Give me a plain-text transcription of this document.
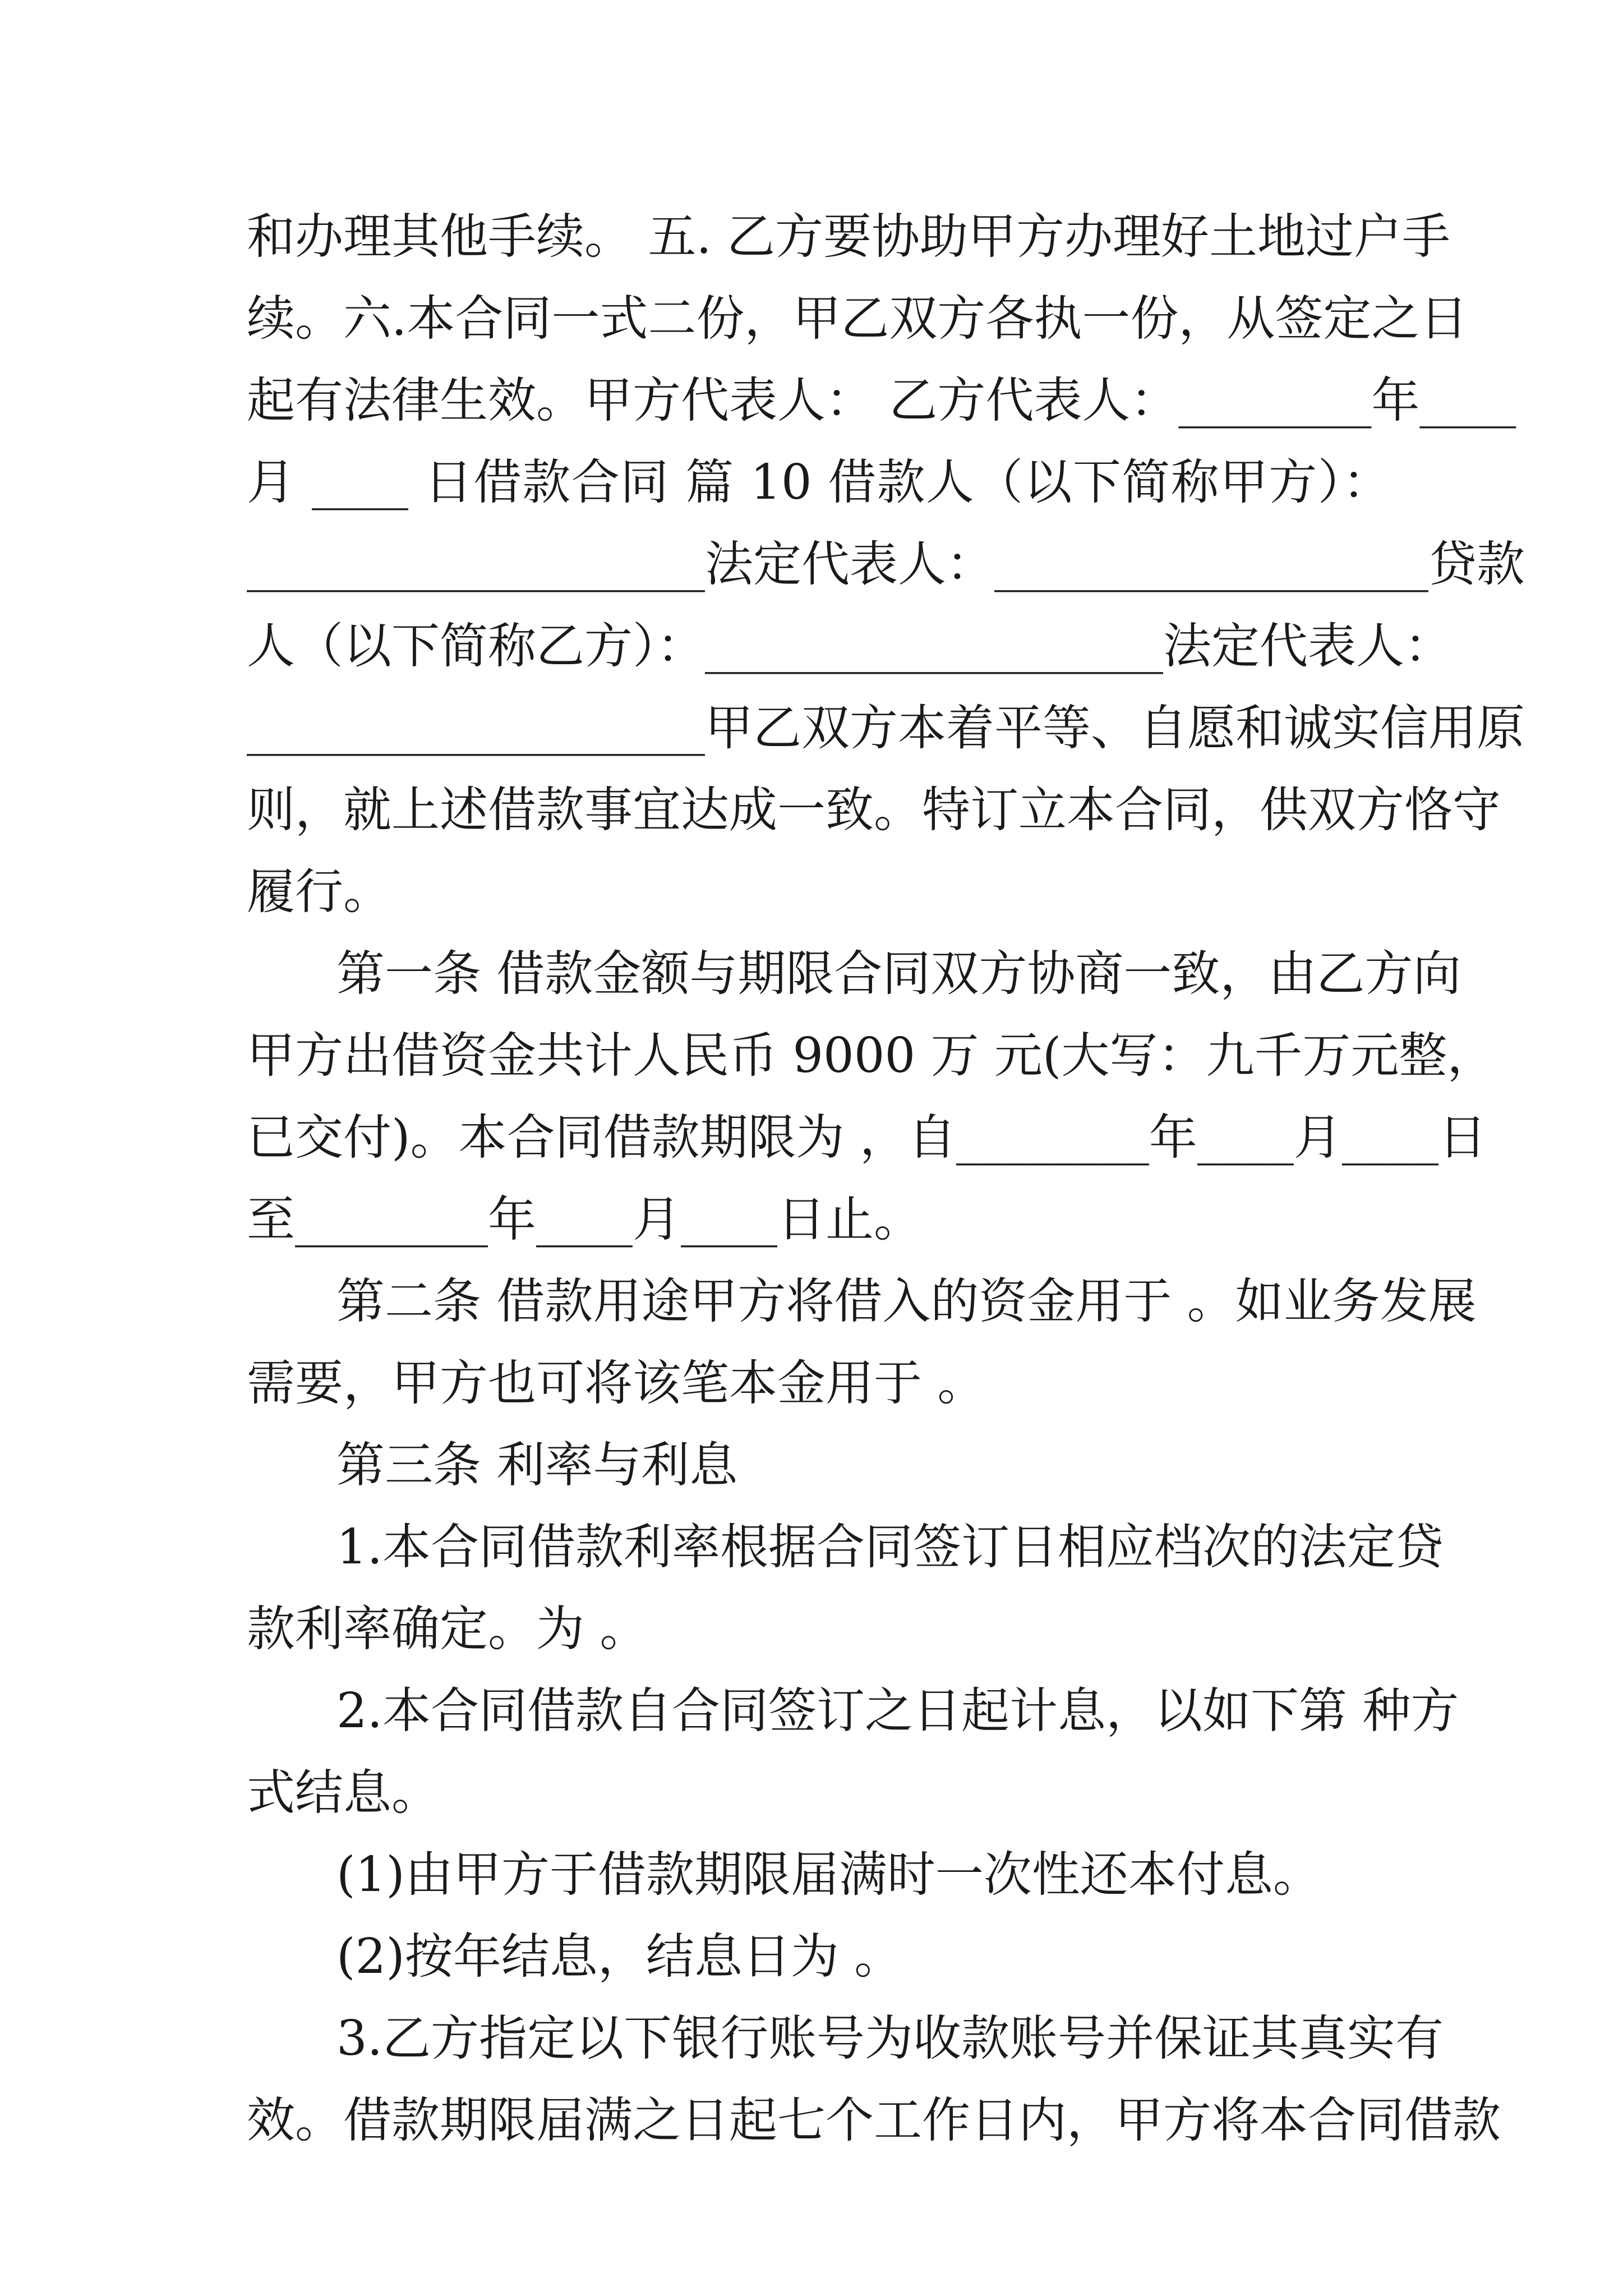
和办理其他手续。 五. 乙方要协助甲方办理好土地过户手
续。六.本合同一式二份，甲乙双方各执一份，从签定之日
起有法律生效。甲方代表人： 乙方代表人：________年____
月 ____ 日借款合同 篇 10 借款人（以下简称甲方）：
___________________法定代表人：__________________贷款
人（以下简称乙方）：___________________法定代表人：
___________________甲乙双方本着平等、自愿和诚实信用原
则，就上述借款事宜达成一致。特订立本合同，供双方恪守
履行。
第一条 借款金额与期限合同双方协商一致，由乙方向
甲方出借资金共计人民币 9000 万 元(大写：九千万元整，
已交付)。本合同借款期限为 ，自________年____月____日
至________年____月____日止。
第二条 借款用途甲方将借入的资金用于 。如业务发展
需要，甲方也可将该笔本金用于 。
第三条 利率与利息
1.本合同借款利率根据合同签订日相应档次的法定贷
款利率确定。为 。
2.本合同借款自合同签订之日起计息，以如下第 种方
式结息。
(1)由甲方于借款期限届满时一次性还本付息。
(2)按年结息，结息日为 。
3.乙方指定以下银行账号为收款账号并保证其真实有
效。借款期限届满之日起七个工作日内，甲方将本合同借款
